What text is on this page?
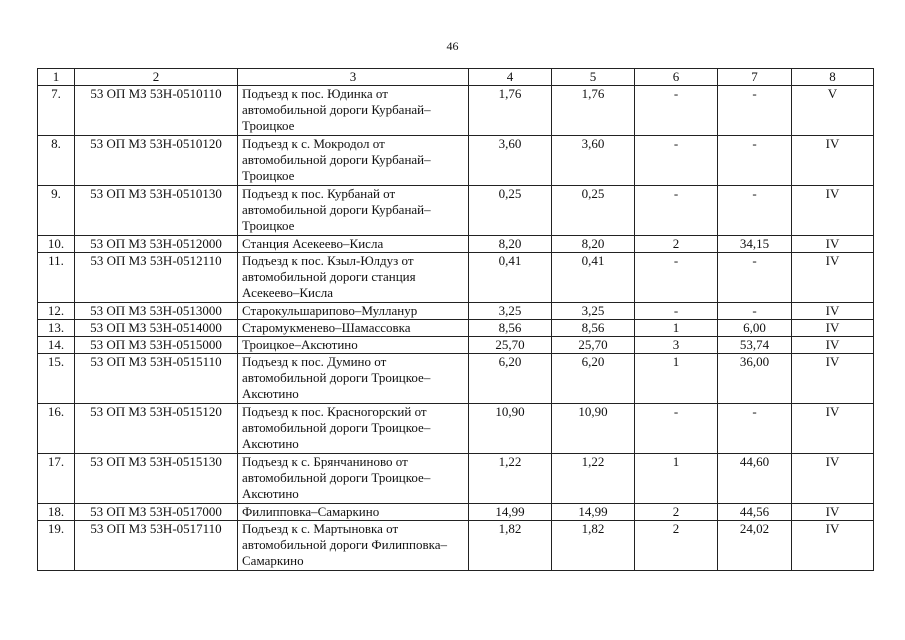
46
1	2	3	4	5	6	7	8
7.	53 ОП МЗ 53Н-0510110	Подъезд к пос. Юдинка от автомобильной дороги Курбанай–Троицкое	1,76	1,76	-	-	V
8.	53 ОП МЗ 53Н-0510120	Подъезд к с. Мокродол от автомобильной дороги Курбанай–Троицкое	3,60	3,60	-	-	IV
9.	53 ОП МЗ 53Н-0510130	Подъезд к пос. Курбанай от автомобильной дороги Курбанай–Троицкое	0,25	0,25	-	-	IV
10.	53 ОП МЗ 53Н-0512000	Станция Асекеево–Кисла	8,20	8,20	2	34,15	IV
11.	53 ОП МЗ 53Н-0512110	Подъезд к пос. Кзыл-Юлдуз от автомобильной дороги станция Асекеево–Кисла	0,41	0,41	-	-	IV
12.	53 ОП МЗ 53Н-0513000	Старокульшарипово–Мулланур	3,25	3,25	-	-	IV
13.	53 ОП МЗ 53Н-0514000	Старомукменево–Шамассовка	8,56	8,56	1	6,00	IV
14.	53 ОП МЗ 53Н-0515000	Троицкое–Аксютино	25,70	25,70	3	53,74	IV
15.	53 ОП МЗ 53Н-0515110	Подъезд к пос. Думино от автомобильной дороги Троицкое–Аксютино	6,20	6,20	1	36,00	IV
16.	53 ОП МЗ 53Н-0515120	Подъезд к пос. Красногорский от автомобильной дороги Троицкое–Аксютино	10,90	10,90	-	-	IV
17.	53 ОП МЗ 53Н-0515130	Подъезд к с. Брянчаниново от автомобильной дороги Троицкое–Аксютино	1,22	1,22	1	44,60	IV
18.	53 ОП МЗ 53Н-0517000	Филипповка–Самаркино	14,99	14,99	2	44,56	IV
19.	53 ОП МЗ 53Н-0517110	Подъезд к с. Мартыновка от автомобильной дороги Филипповка–Самаркино	1,82	1,82	2	24,02	IV
